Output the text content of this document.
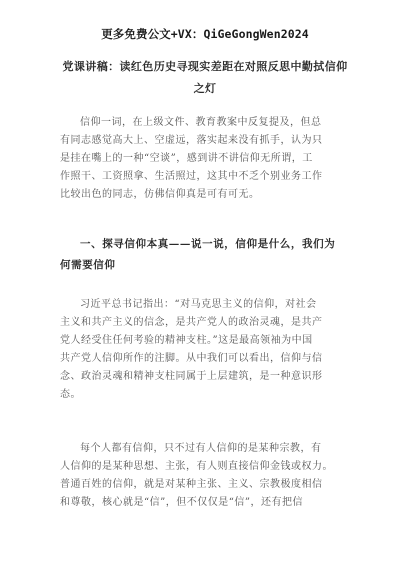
更多免费公文+VX：QiGeGongWen2024
党课讲稿：读红色历史寻现实差距在对照反思中勤拭信仰
之灯
信仰一词，在上级文件、教育教案中反复提及，但总
有同志感觉高大上、空虚远，落实起来没有抓手，认为只
是挂在嘴上的一种“空谈”，感到讲不讲信仰无所谓，工
作照干、工资照拿、生活照过，这其中不乏个别业务工作
比较出色的同志，仿佛信仰真是可有可无。
一、探寻信仰本真——说一说，信仰是什么，我们为
何需要信仰
习近平总书记指出：“对马克思主义的信仰，对社会
主义和共产主义的信念，是共产党人的政治灵魂，是共产
党人经受住任何考验的精神支柱。”这是最高领袖为中国
共产党人信仰所作的注脚。从中我们可以看出，信仰与信
念、政治灵魂和精神支柱同属于上层建筑，是一种意识形
态。
每个人都有信仰，只不过有人信仰的是某种宗教，有
人信仰的是某种思想、主张，有人则直接信仰金钱或权力。
普通百姓的信仰，就是对某种主张、主义、宗教极度相信
和尊敬，核心就是“信”，但不仅仅是“信”，还有把信
